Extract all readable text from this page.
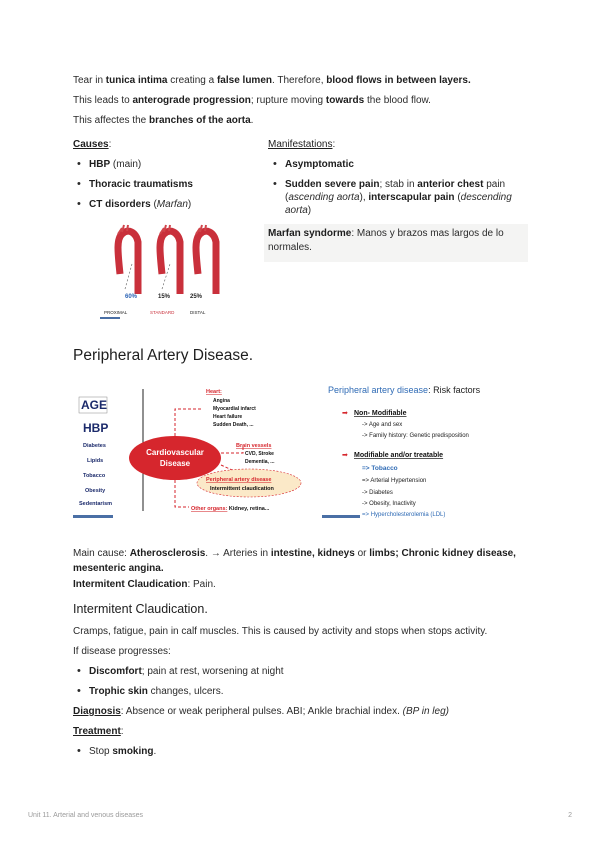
Tear in tunica intima creating a false lumen. Therefore, blood flows in between layers.
This leads to anterograde progression; rupture moving towards the blood flow.
This affectes the branches of the aorta.
Causes:
• HBP (main)
• Thoracic traumatisms
• CT disorders (Marfan)
Manifestations:
• Asymptomatic
• Sudden severe pain; stab in anterior chest pain
(ascending aorta), interscapular pain (descending
aorta)
Marfan syndorme: Manos y brazos mas largos de lo
normales.
60%	15%	25%
PROXIMAL	STANDARD	DISTAL
Peripheral Artery Disease.
AGE
HBP
Diabetes
Lipids
Tobacco
Obesity
Sedentarism
Cardiovascular
Disease
Heart:
Angina
Myocardial infarct
Heart failure
Sudden Death, ...
Brain vessels
CVD, Stroke
Dementia, ...
Peripheral artery disease
Intermittent claudication
Other organs: Kidney, retina...
Peripheral artery disease: Risk factors
➡ Non- Modifiable
-> Age and sex
-> Family history: Genetic predisposition
➡ Modifiable and/or treatable
=> Tobacco
=> Arterial Hypertension
-> Diabetes
-> Obesity, Inactivity
=> Hypercholesterolemia (LDL)
Main cause: Atherosclerosis. → Arteries in intestine, kidneys or limbs; Chronic kidney disease,
mesenteric angina.
Intermitent Claudication: Pain.
Intermitent Claudication.
Cramps, fatigue, pain in calf muscles. This is caused by activity and stops when stops activity.
If disease progresses:
• Discomfort; pain at rest, worsening at night
• Trophic skin changes, ulcers.
Diagnosis: Absence or weak peripheral pulses. ABI; Ankle brachial index. (BP in leg)
Treatment:
• Stop smoking.
Unit 11. Arterial and venous diseases	2
